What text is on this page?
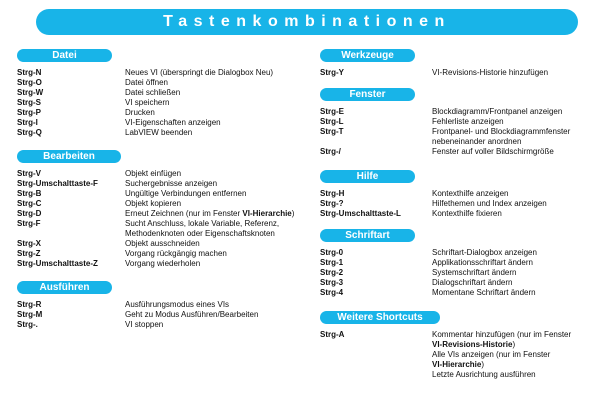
Tastenkombinationen
Datei
Strg-N	Neues VI (überspringt die Dialogbox Neu)
Strg-O	Datei öffnen
Strg-W	Datei schließen
Strg-S	VI speichern
Strg-P	Drucken
Strg-I	VI-Eigenschaften anzeigen
Strg-Q	LabVIEW beenden
Bearbeiten
Strg-V	Objekt einfügen
Strg-Umschalttaste-F	Suchergebnisse anzeigen
Strg-B	Ungültige Verbindungen entfernen
Strg-C	Objekt kopieren
Strg-D	Erneut Zeichnen (nur im Fenster VI-Hierarchie)
Strg-F	Sucht Anschluss, lokale Variable, Referenz,
Methodenknoten oder Eigenschaftsknoten
Strg-X	Objekt ausschneiden
Strg-Z	Vorgang rückgängig machen
Strg-Umschalttaste-Z	Vorgang wiederholen
Ausführen
Strg-R	Ausführungsmodus eines VIs
Strg-M	Geht zu Modus Ausführen/Bearbeiten
Strg-.	VI stoppen
Werkzeuge
Strg-Y	VI-Revisions-Historie hinzufügen
Fenster
Strg-E	Blockdiagramm/Frontpanel anzeigen
Strg-L	Fehlerliste anzeigen
Strg-T	Frontpanel- und Blockdiagrammfenster
nebeneinander anordnen
Strg-/	Fenster auf voller Bildschirmgröße
Hilfe
Strg-H	Kontexthilfe anzeigen
Strg-?	Hilfethemen und Index anzeigen
Strg-Umschalttaste-L	Kontexthilfe fixieren
Schriftart
Strg-0	Schriftart-Dialogbox anzeigen
Strg-1	Applikationsschriftart ändern
Strg-2	Systemschriftart ändern
Strg-3	Dialogschriftart ändern
Strg-4	Momentane Schriftart ändern
Weitere Shortcuts
Strg-A	Kommentar hinzufügen (nur im Fenster
VI-Revisions-Historie)
Alle VIs anzeigen (nur im Fenster
VI-Hierarchie)
Letzte Ausrichtung ausführen
